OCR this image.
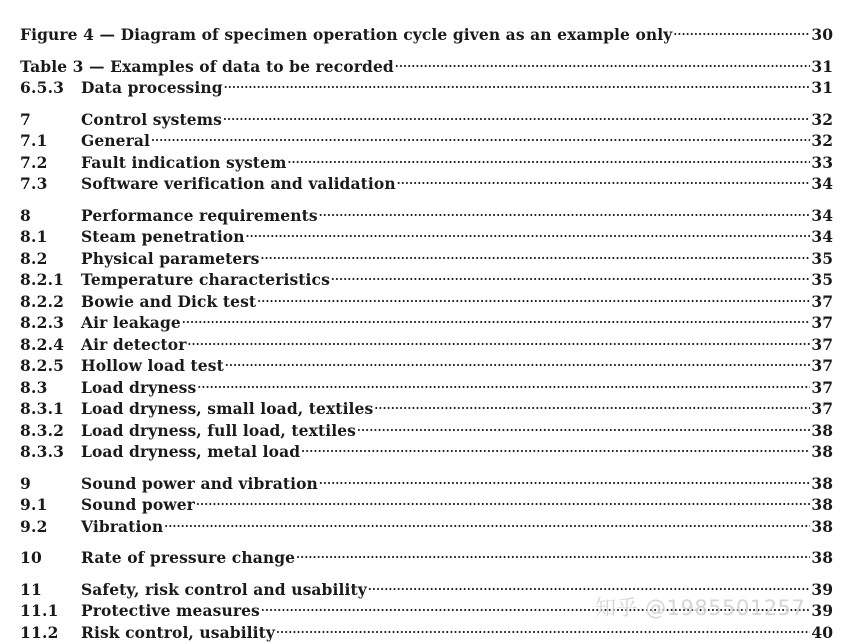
Figure 4 — Diagram of specimen operation cycle given as an example only .....	30
Table 3 — Examples of data to be recorded .....	31
6.5.3	Data processing .....	31
7	Control systems .....	32
7.1	General .....	32
7.2	Fault indication system .....	33
7.3	Software verification and validation .....	34
8	Performance requirements .....	34
8.1	Steam penetration .....	34
8.2	Physical parameters .....	35
8.2.1	Temperature characteristics .....	35
8.2.2	Bowie and Dick test .....	37
8.2.3	Air leakage .....	37
8.2.4	Air detector .....	37
8.2.5	Hollow load test .....	37
8.3	Load dryness .....	37
8.3.1	Load dryness, small load, textiles .....	37
8.3.2	Load dryness, full load, textiles .....	38
8.3.3	Load dryness, metal load .....	38
9	Sound power and vibration .....	38
9.1	Sound power .....	38
9.2	Vibration .....	38
10	Rate of pressure change .....	38
11	Safety, risk control and usability .....	39
11.1	Protective measures .....	39
11.2	Risk control, usability .....	40
知乎 @1985501257
